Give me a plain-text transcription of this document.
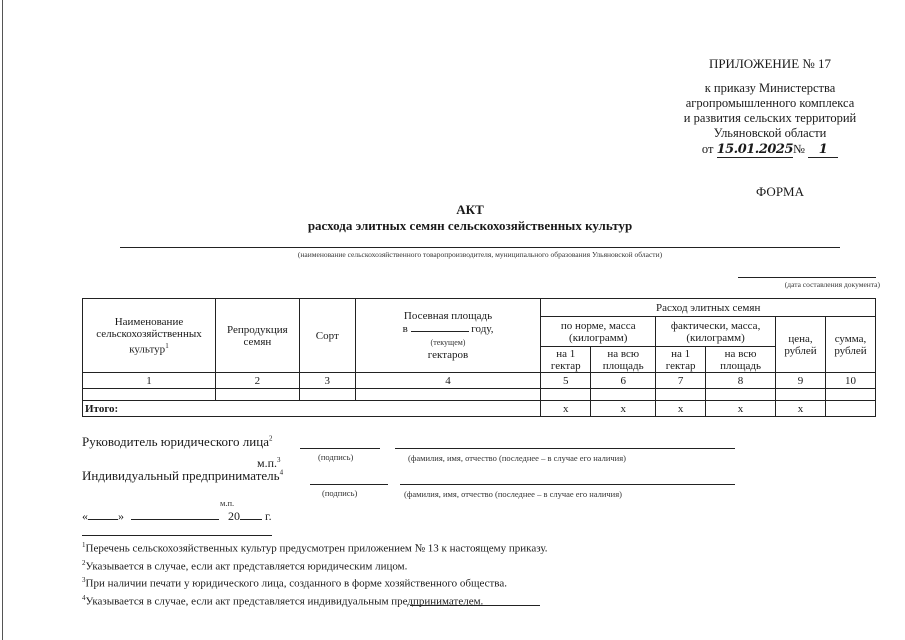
ПРИЛОЖЕНИЕ № 17
к приказу Министерства
агропромышленного комплекса
и развития сельских территорий
Ульяновской области
от 15.01.2025№ 1
ФОРМА
АКТ
расхода элитных семян сельскохозяйственных культур
(наименование сельскохозяйственного товаропроизводителя, муниципального образования Ульяновской области)
(дата составления документа)
Наименование сельскохозяйственных культур$^1$	Репродукция семян	Сорт	Посевная площадь
в году,
(текущем)
гектаров	Расход элитных семян					
				по норме, масса (килограмм)		фактически, масса, (килограмм)		цена, рублей	сумма, рублей
				на 1 гектар	на всю площадь	на 1 гектар	на всю площадь		
1	2	3	4	5	6	7	8	9	10

Итого:				х	х	х	х	х	
Руководитель юридического лица$^2$
(подпись)	(фамилия, имя, отчество (последнее – в случае его наличия)
м.п.$^3$
Индивидуальный предприниматель$^4$
(подпись)	(фамилия, имя, отчество (последнее – в случае его наличия)
м.п.
«	»	20 г.
$^1$Перечень сельскохозяйственных культур предусмотрен приложением № 13 к настоящему приказу.
$^2$Указывается в случае, если акт представляется юридическим лицом.
$^3$При наличии печати у юридического лица, созданного в форме хозяйственного общества.
$^4$Указывается в случае, если акт представляется индивидуальным предпринимателем.
